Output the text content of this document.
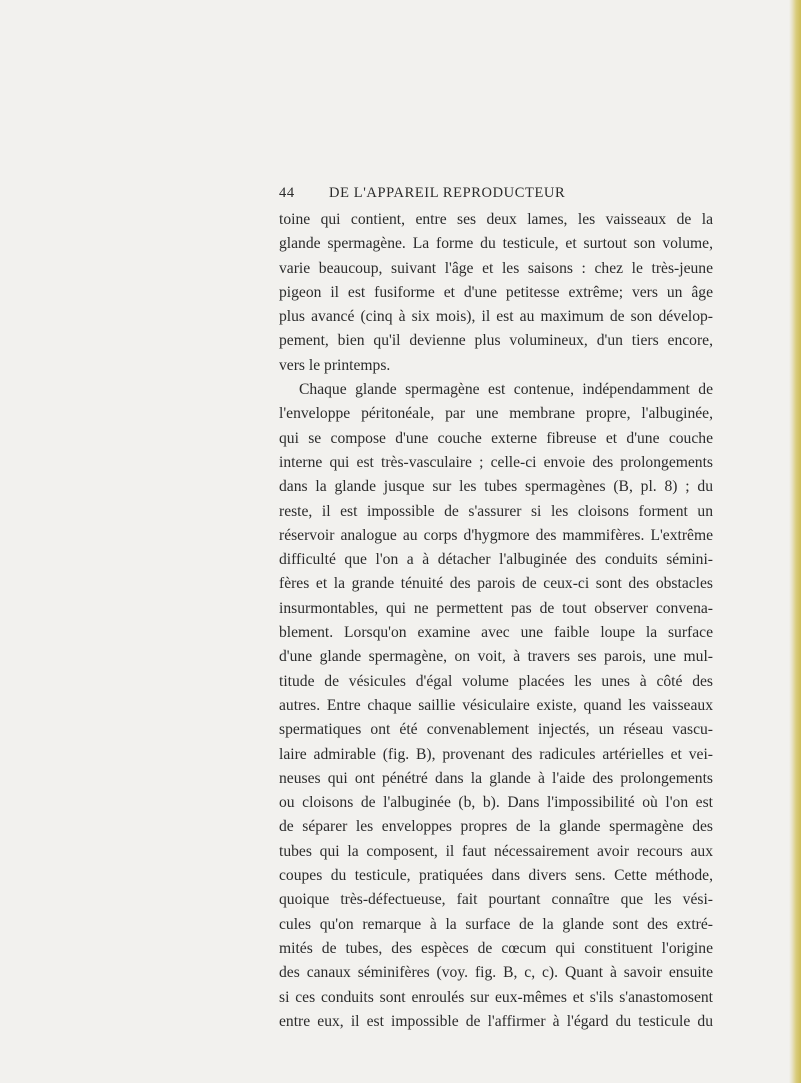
44 DE L'APPAREIL REPRODUCTEUR
toine qui contient, entre ses deux lames, les vaisseaux de la
glande spermagène. La forme du testicule, et surtout son volume,
varie beaucoup, suivant l'âge et les saisons : chez le très-jeune
pigeon il est fusiforme et d'une petitesse extrême; vers un âge
plus avancé (cinq à six mois), il est au maximum de son dévelop-
pement, bien qu'il devienne plus volumineux, d'un tiers encore,
vers le printemps.
Chaque glande spermagène est contenue, indépendamment de
l'enveloppe péritonéale, par une membrane propre, l'albuginée,
qui se compose d'une couche externe fibreuse et d'une couche
interne qui est très-vasculaire ; celle-ci envoie des prolongements
dans la glande jusque sur les tubes spermagènes (B, pl. 8) ; du
reste, il est impossible de s'assurer si les cloisons forment un
réservoir analogue au corps d'hygmore des mammifères. L'extrême
difficulté que l'on a à détacher l'albuginée des conduits sémini-
fères et la grande ténuité des parois de ceux-ci sont des obstacles
insurmontables, qui ne permettent pas de tout observer convena-
blement. Lorsqu'on examine avec une faible loupe la surface
d'une glande spermagène, on voit, à travers ses parois, une mul-
titude de vésicules d'égal volume placées les unes à côté des
autres. Entre chaque saillie vésiculaire existe, quand les vaisseaux
spermatiques ont été convenablement injectés, un réseau vascu-
laire admirable (fig. B), provenant des radicules artérielles et vei-
neuses qui ont pénétré dans la glande à l'aide des prolongements
ou cloisons de l'albuginée (b, b). Dans l'impossibilité où l'on est
de séparer les enveloppes propres de la glande spermagène des
tubes qui la composent, il faut nécessairement avoir recours aux
coupes du testicule, pratiquées dans divers sens. Cette méthode,
quoique très-défectueuse, fait pourtant connaître que les vési-
cules qu'on remarque à la surface de la glande sont des extré-
mités de tubes, des espèces de cœcum qui constituent l'origine
des canaux séminifères (voy. fig. B, c, c). Quant à savoir ensuite
si ces conduits sont enroulés sur eux-mêmes et s'ils s'anastomosent
entre eux, il est impossible de l'affirmer à l'égard du testicule du
